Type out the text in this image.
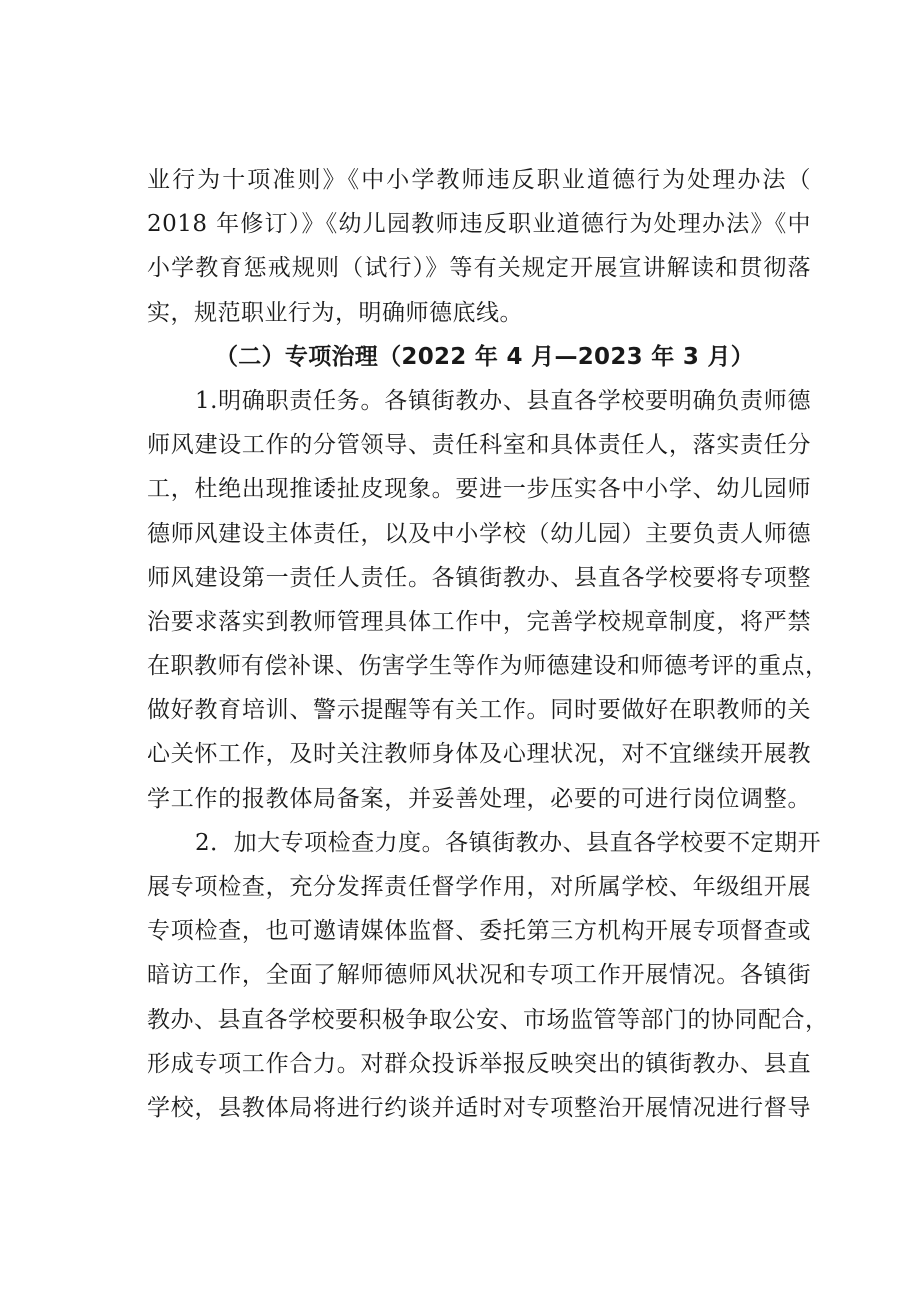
业行为十项准则》《中小学教师违反职业道德行为处理办法（
2018 年修订）》《幼儿园教师违反职业道德行为处理办法》《中
小学教育惩戒规则（试行）》等有关规定开展宣讲解读和贯彻落
实，规范职业行为，明确师德底线。
（二）专项治理（2022 年 4 月—2023 年 3 月）
1.明确职责任务。各镇街教办、县直各学校要明确负责师德
师风建设工作的分管领导、责任科室和具体责任人，落实责任分
工，杜绝出现推诿扯皮现象。要进一步压实各中小学、幼儿园师
德师风建设主体责任，以及中小学校（幼儿园）主要负责人师德
师风建设第一责任人责任。各镇街教办、县直各学校要将专项整
治要求落实到教师管理具体工作中，完善学校规章制度，将严禁
在职教师有偿补课、伤害学生等作为师德建设和师德考评的重点，
做好教育培训、警示提醒等有关工作。同时要做好在职教师的关
心关怀工作，及时关注教师身体及心理状况，对不宜继续开展教
学工作的报教体局备案，并妥善处理，必要的可进行岗位调整。
2．加大专项检查力度。各镇街教办、县直各学校要不定期开
展专项检查，充分发挥责任督学作用，对所属学校、年级组开展
专项检查，也可邀请媒体监督、委托第三方机构开展专项督查或
暗访工作，全面了解师德师风状况和专项工作开展情况。各镇街
教办、县直各学校要积极争取公安、市场监管等部门的协同配合，
形成专项工作合力。对群众投诉举报反映突出的镇街教办、县直
学校，县教体局将进行约谈并适时对专项整治开展情况进行督导
